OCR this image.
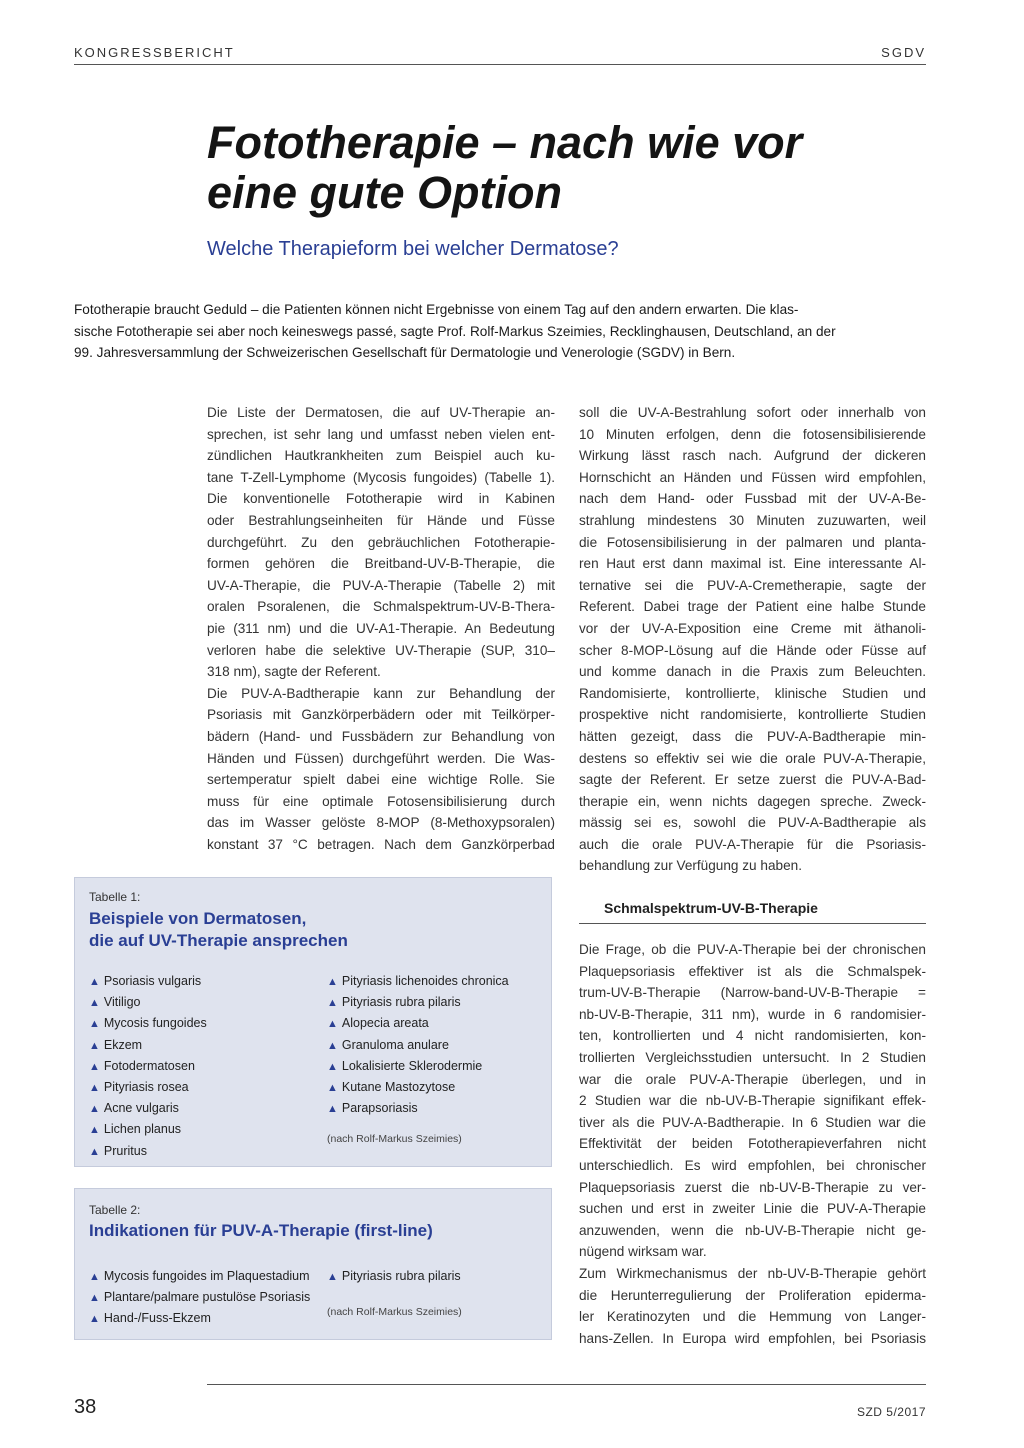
KONGRESSBERICHT	SGDV
Fototherapie – nach wie vor
eine gute Option
Welche Therapieform bei welcher Dermatose?

Fototherapie braucht Geduld – die Patienten können nicht Ergebnisse von einem Tag auf den andern erwarten. Die klas-
sische Fototherapie sei aber noch keineswegs passé, sagte Prof. Rolf-Markus Szeimies, Recklinghausen, Deutschland, an der
99. Jahresversammlung der Schweizerischen Gesellschaft für Dermatologie und Venerologie (SGDV) in Bern.

Die Liste der Dermatosen, die auf UV-Therapie an-
sprechen, ist sehr lang und umfasst neben vielen ent-
zündlichen Hautkrankheiten zum Beispiel auch ku-
tane T-Zell-Lymphome (Mycosis fungoides) (Tabelle 1).
Die konventionelle Fototherapie wird in Kabinen
oder Bestrahlungseinheiten für Hände und Füsse
durchgeführt. Zu den gebräuchlichen Fototherapie-
formen gehören die Breitband-UV-B-Therapie, die
UV-A-Therapie, die PUV-A-Therapie (Tabelle 2) mit
oralen Psoralenen, die Schmalspektrum-UV-B-Thera-
pie (311 nm) und die UV-A1-Therapie. An Bedeutung
verloren habe die selektive UV-Therapie (SUP, 310–
318 nm), sagte der Referent.
Die PUV-A-Badtherapie kann zur Behandlung der
Psoriasis mit Ganzkörperbädern oder mit Teilkörper-
bädern (Hand- und Fussbädern zur Behandlung von
Händen und Füssen) durchgeführt werden. Die Was-
sertemperatur spielt dabei eine wichtige Rolle. Sie
muss für eine optimale Fotosensibilisierung durch
das im Wasser gelöste 8-MOP (8-Methoxypsoralen)
konstant 37 °C betragen. Nach dem Ganzkörperbad
soll die UV-A-Bestrahlung sofort oder innerhalb von
10 Minuten erfolgen, denn die fotosensibilisierende
Wirkung lässt rasch nach. Aufgrund der dickeren
Hornschicht an Händen und Füssen wird empfohlen,
nach dem Hand- oder Fussbad mit der UV-A-Be-
strahlung mindestens 30 Minuten zuzuwarten, weil
die Fotosensibilisierung in der palmaren und planta-
ren Haut erst dann maximal ist. Eine interessante Al-
ternative sei die PUV-A-Cremetherapie, sagte der
Referent. Dabei trage der Patient eine halbe Stunde
vor der UV-A-Exposition eine Creme mit äthanoli-
scher 8-MOP-Lösung auf die Hände oder Füsse auf
und komme danach in die Praxis zum Beleuchten.
Randomisierte, kontrollierte, klinische Studien und
prospektive nicht randomisierte, kontrollierte Studien
hätten gezeigt, dass die PUV-A-Badtherapie min-
destens so effektiv sei wie die orale PUV-A-Therapie,
sagte der Referent. Er setze zuerst die PUV-A-Bad-
therapie ein, wenn nichts dagegen spreche. Zweck-
mässig sei es, sowohl die PUV-A-Badtherapie als
auch die orale PUV-A-Therapie für die Psoriasis-
behandlung zur Verfügung zu haben.
Schmalspektrum-UV-B-Therapie
Die Frage, ob die PUV-A-Therapie bei der chronischen
Plaquepsoriasis effektiver ist als die Schmalspek-
trum-UV-B-Therapie (Narrow-band-UV-B-Therapie =
nb-UV-B-Therapie, 311 nm), wurde in 6 randomisier-
ten, kontrollierten und 4 nicht randomisierten, kon-
trollierten Vergleichsstudien untersucht. In 2 Studien
war die orale PUV-A-Therapie überlegen, und in
2 Studien war die nb-UV-B-Therapie signifikant effek-
tiver als die PUV-A-Badtherapie. In 6 Studien war die
Effektivität der beiden Fototherapieverfahren nicht
unterschiedlich. Es wird empfohlen, bei chronischer
Plaquepsoriasis zuerst die nb-UV-B-Therapie zu ver-
suchen und erst in zweiter Linie die PUV-A-Therapie
anzuwenden, wenn die nb-UV-B-Therapie nicht ge-
nügend wirksam war.
Zum Wirkmechanismus der nb-UV-B-Therapie gehört
die Herunterregulierung der Proliferation epiderma-
ler Keratinozyten und die Hemmung von Langer-
hans-Zellen. In Europa wird empfohlen, bei Psoriasis
Tabelle 1:
Beispiele von Dermatosen,
die auf UV-Therapie ansprechen
▲ Psoriasis vulgaris
▲ Vitiligo
▲ Mycosis fungoides
▲ Ekzem
▲ Fotodermatosen
▲ Pityriasis rosea
▲ Acne vulgaris
▲ Lichen planus
▲ Pruritus
▲ Pityriasis lichenoides chronica
▲ Pityriasis rubra pilaris
▲ Alopecia areata
▲ Granuloma anulare
▲ Lokalisierte Sklerodermie
▲ Kutane Mastozytose
▲ Parapsoriasis
(nach Rolf-Markus Szeimies)
Tabelle 2:
Indikationen für PUV-A-Therapie (first-line)
▲ Mycosis fungoides im Plaquestadium
▲ Plantare/palmare pustulöse Psoriasis
▲ Hand-/Fuss-Ekzem
▲ Pityriasis rubra pilaris
(nach Rolf-Markus Szeimies)
38	SZD 5/2017
